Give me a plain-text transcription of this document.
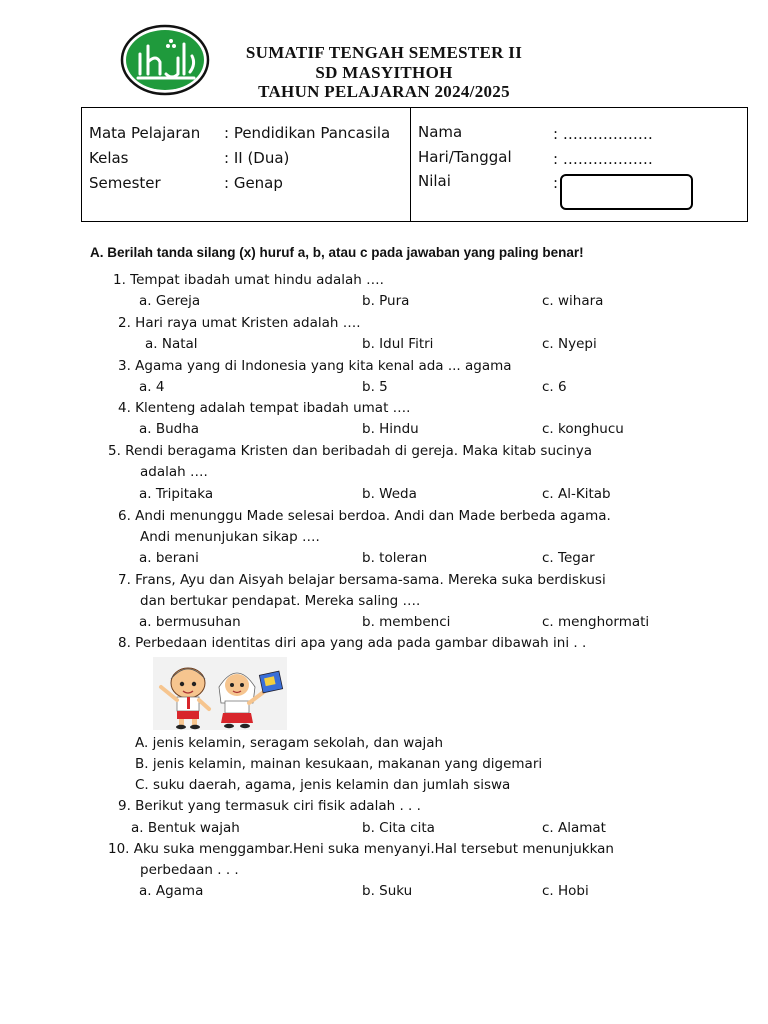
SUMATIF TENGAH SEMESTER II
SD MASYITHOH
TAHUN PELAJARAN 2024/2025
Mata Pelajaran : Pendidikan Pancasila
Kelas	: II (Dua)
Semester	: Genap
Nama	: ………………
Hari/Tanggal	: ………………
Nilai	:
A. Berilah tanda silang (x) huruf a, b, atau c pada jawaban yang paling benar!
1. Tempat ibadah umat hindu adalah ….
a. Gereja	b. Pura	c. wihara
2. Hari raya umat Kristen adalah ….
a. Natal	b. Idul Fitri	c. Nyepi
3. Agama yang di Indonesia yang kita kenal ada ... agama
a. 4	b. 5	c. 6
4. Klenteng adalah tempat ibadah umat ….
a. Budha	b. Hindu	c. konghucu
5. Rendi beragama Kristen dan beribadah di gereja. Maka kitab sucinya
adalah ….
a. Tripitaka	b. Weda	c. Al-Kitab
6. Andi menunggu Made selesai berdoa. Andi dan Made berbeda agama.
Andi menunjukan sikap ….
a. berani	b. toleran	c. Tegar
7. Frans, Ayu dan Aisyah belajar bersama-sama. Mereka suka berdiskusi
dan bertukar pendapat. Mereka saling ….
a. bermusuhan	b. membenci	c. menghormati
8. Perbedaan identitas diri apa yang ada pada gambar dibawah ini . .
A. jenis kelamin, seragam sekolah, dan wajah
B. jenis kelamin, mainan kesukaan, makanan yang digemari
C. suku daerah, agama, jenis kelamin dan jumlah siswa
9. Berikut yang termasuk ciri fisik adalah . . .
a. Bentuk wajah	b. Cita cita	c. Alamat
10. Aku suka menggambar.Heni suka menyanyi.Hal tersebut menunjukkan
perbedaan . . .
a. Agama	b. Suku	c. Hobi
